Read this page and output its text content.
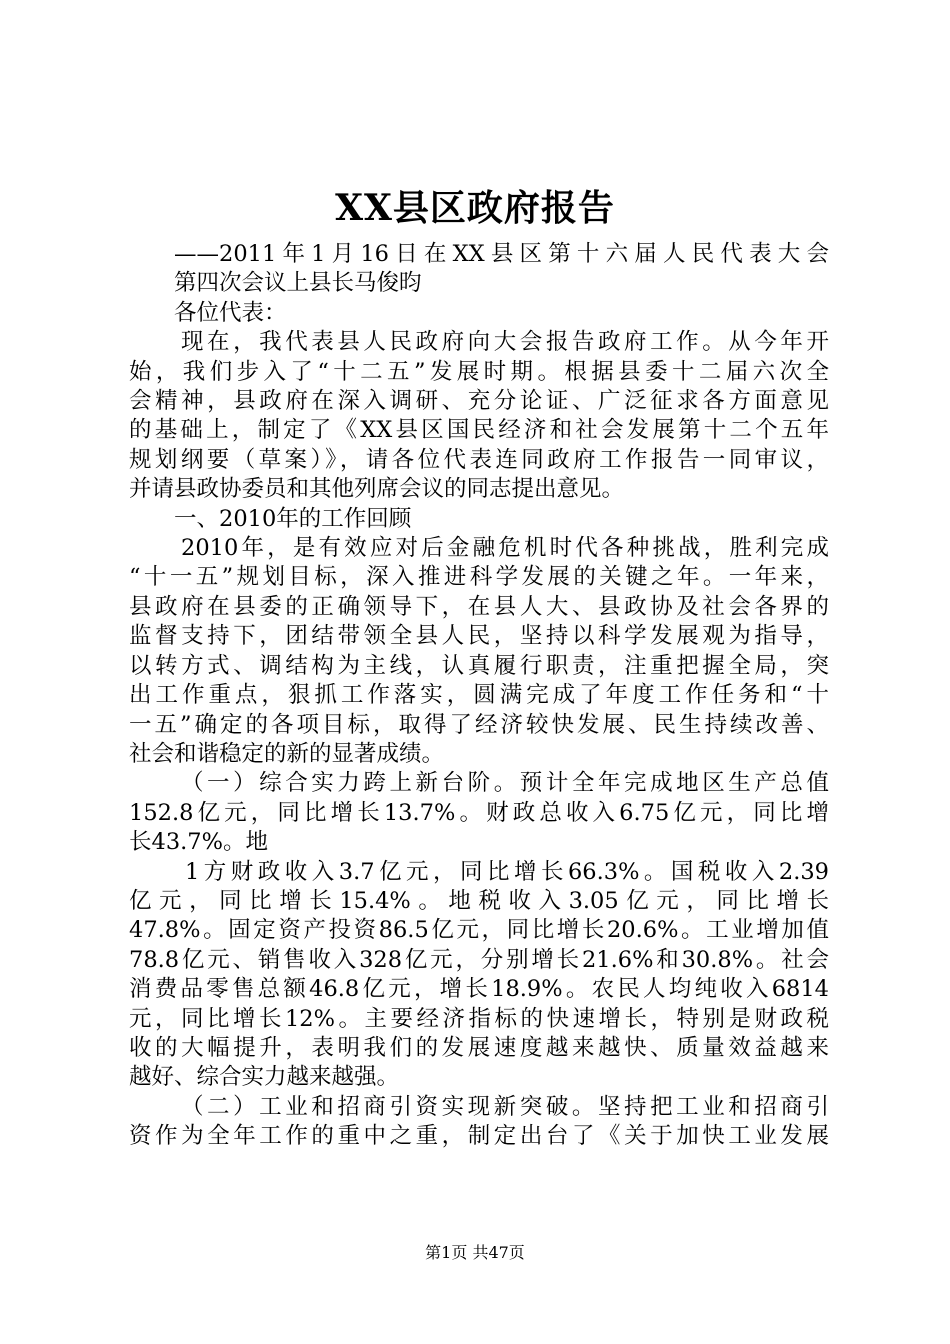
XX县区政府报告
——2011年1月16日在XX县区第十六届人民代表大会
第四次会议上县长马俊昀
各位代表：
现在，我代表县人民政府向大会报告政府工作。从今年开
始，我们步入了“十二五”发展时期。根据县委十二届六次全
会精神，县政府在深入调研、充分论证、广泛征求各方面意见
的基础上，制定了《XX县区国民经济和社会发展第十二个五年
规划纲要（草案）》，请各位代表连同政府工作报告一同审议，
并请县政协委员和其他列席会议的同志提出意见。
一、2010年的工作回顾
2010年，是有效应对后金融危机时代各种挑战，胜利完成
“十一五”规划目标，深入推进科学发展的关键之年。一年来，
县政府在县委的正确领导下，在县人大、县政协及社会各界的
监督支持下，团结带领全县人民，坚持以科学发展观为指导，
以转方式、调结构为主线，认真履行职责，注重把握全局，突
出工作重点，狠抓工作落实，圆满完成了年度工作任务和“十
一五”确定的各项目标，取得了经济较快发展、民生持续改善、
社会和谐稳定的新的显著成绩。
（一）综合实力跨上新台阶。预计全年完成地区生产总值
152.8亿元，同比增长13.7%。财政总收入6.75亿元，同比增
长43.7%。地
1方财政收入3.7亿元，同比增长66.3%。国税收入2.39
亿元，同比增长15.4%。地税收入3.05亿元，同比增长
47.8%。固定资产投资86.5亿元，同比增长20.6%。工业增加值
78.8亿元、销售收入328亿元，分别增长21.6%和30.8%。社会
消费品零售总额46.8亿元，增长18.9%。农民人均纯收入6814
元，同比增长12%。主要经济指标的快速增长，特别是财政税
收的大幅提升，表明我们的发展速度越来越快、质量效益越来
越好、综合实力越来越强。
（二）工业和招商引资实现新突破。坚持把工业和招商引
资作为全年工作的重中之重，制定出台了《关于加快工业发展
第1页 共47页
